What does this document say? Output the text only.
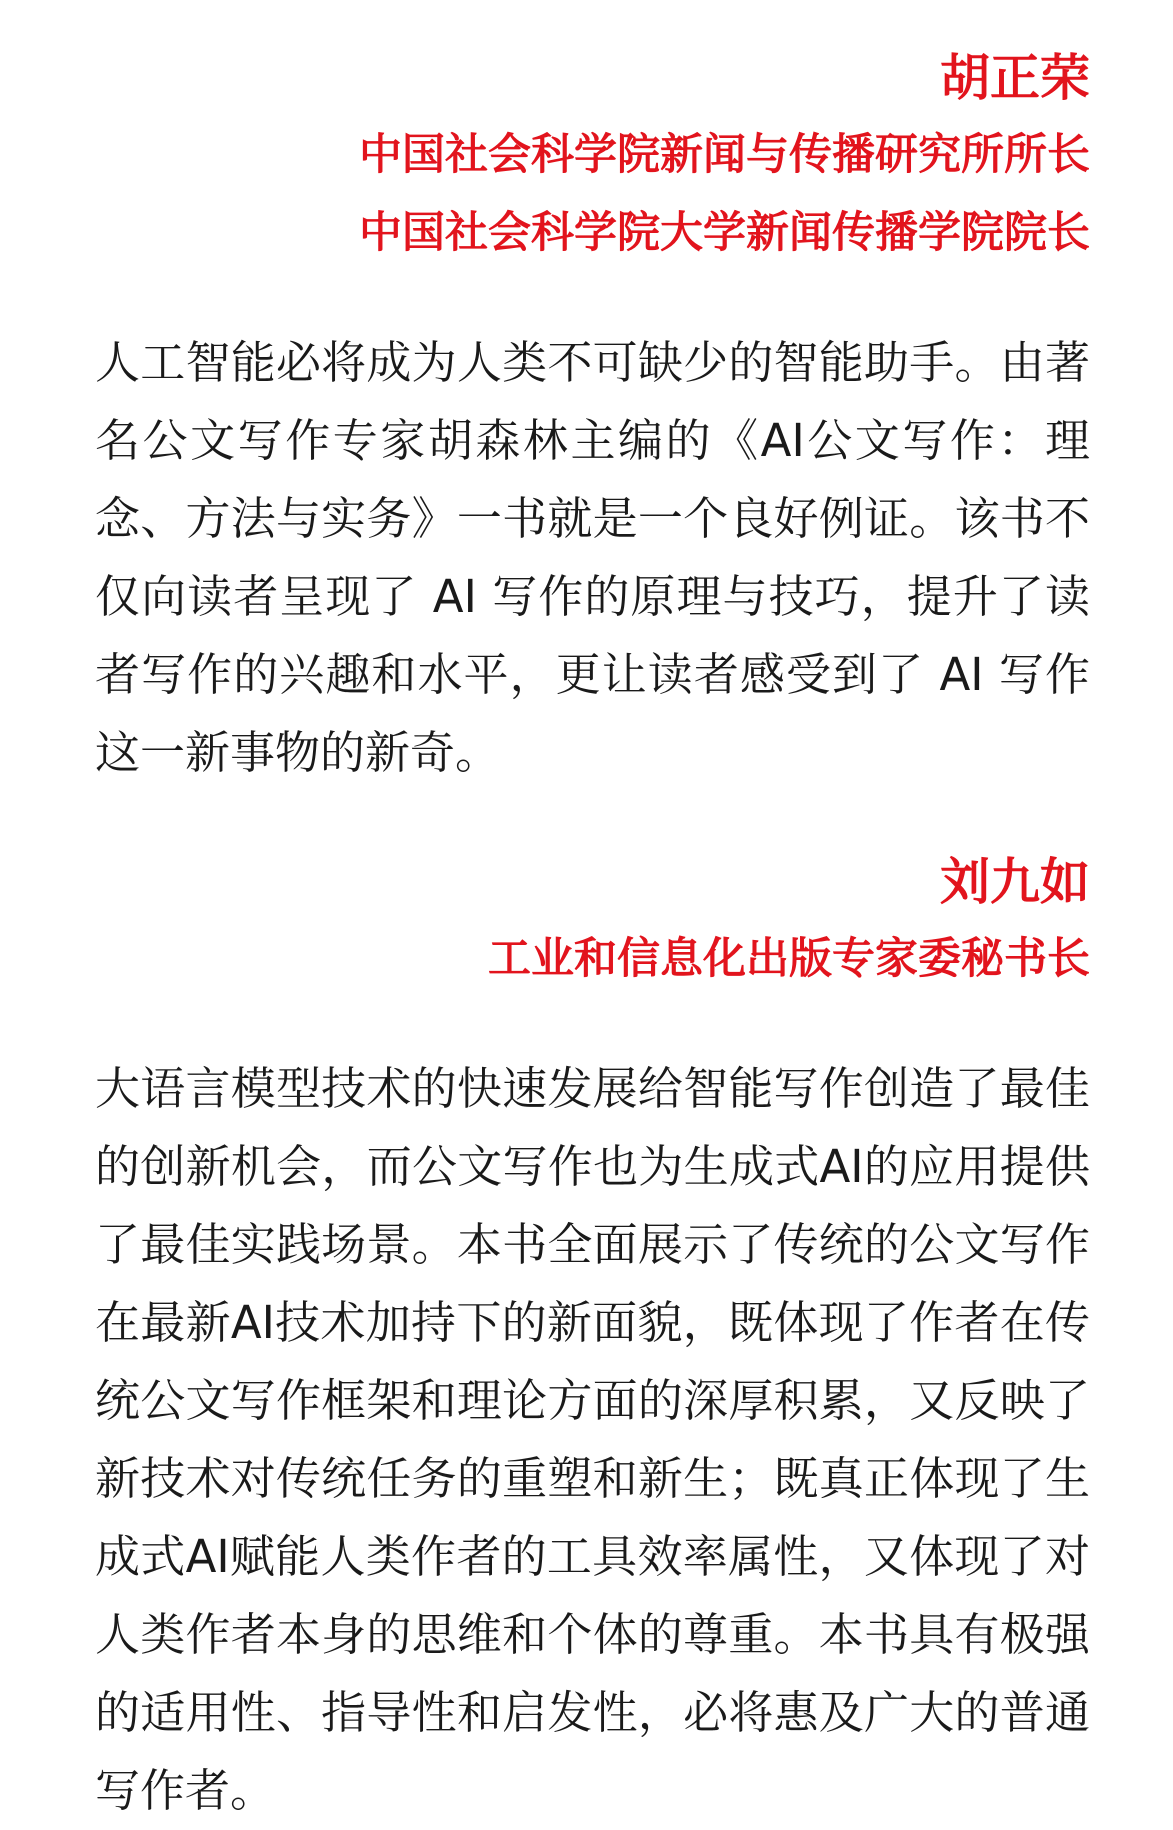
胡正荣

中国社会科学院新闻与传播研究所所长

中国社会科学院大学新闻传播学院院长

人工智能必将成为人类不可缺少的智能助手。由著
名公文写作专家胡森林主编的《AI公文写作：理
念、方法与实务》一书就是一个良好例证。该书不
仅向读者呈现了 AI 写作的原理与技巧，提升了读
者写作的兴趣和水平，更让读者感受到了 AI 写作
这一新事物的新奇。

刘九如

工业和信息化出版专家委秘书长

大语言模型技术的快速发展给智能写作创造了最佳
的创新机会，而公文写作也为生成式AI的应用提供
了最佳实践场景。本书全面展示了传统的公文写作
在最新AI技术加持下的新面貌，既体现了作者在传
统公文写作框架和理论方面的深厚积累，又反映了
新技术对传统任务的重塑和新生；既真正体现了生
成式AI赋能人类作者的工具效率属性，又体现了对
人类作者本身的思维和个体的尊重。本书具有极强
的适用性、指导性和启发性，必将惠及广大的普通
写作者。
